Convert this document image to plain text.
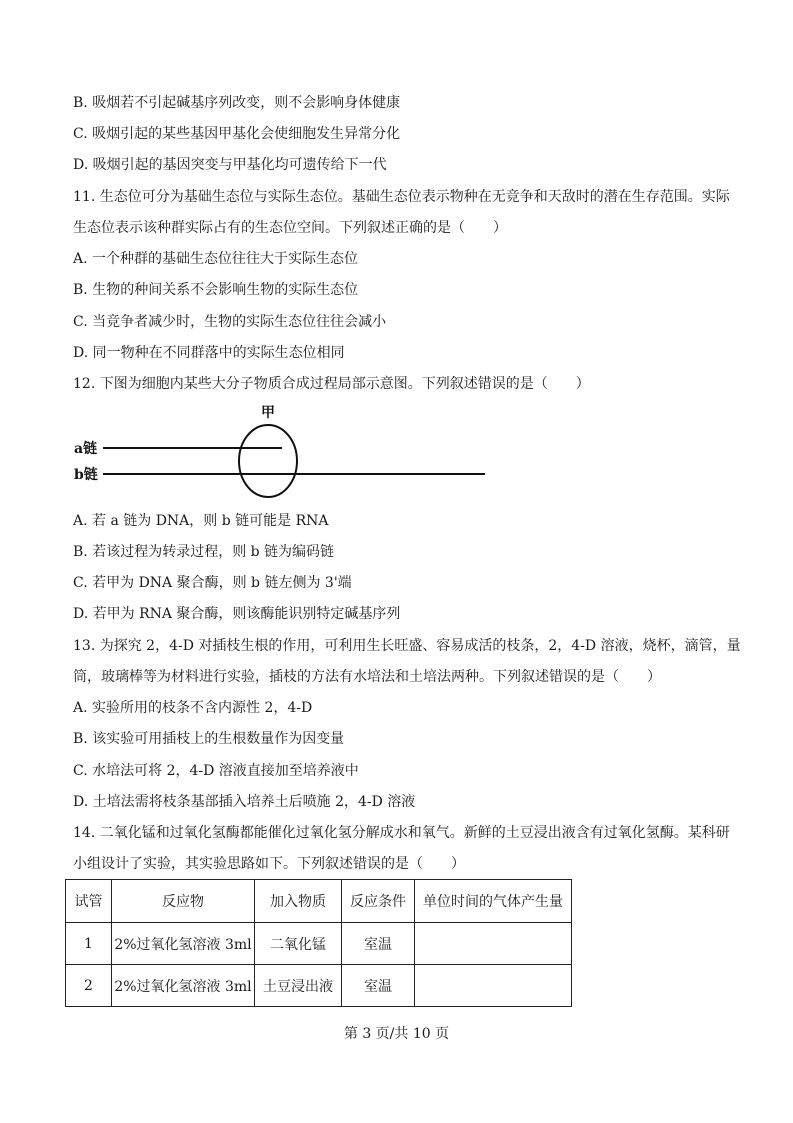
B. 吸烟若不引起碱基序列改变，则不会影响身体健康
C. 吸烟引起的某些基因甲基化会使细胞发生异常分化
D. 吸烟引起的基因突变与甲基化均可遗传给下一代
11. 生态位可分为基础生态位与实际生态位。基础生态位表示物种在无竞争和天敌时的潜在生存范围。实际
生态位表示该种群实际占有的生态位空间。下列叙述正确的是（　　）
A. 一个种群的基础生态位往往大于实际生态位
B. 生物的种间关系不会影响生物的实际生态位
C. 当竞争者减少时，生物的实际生态位往往会减小
D. 同一物种在不同群落中的实际生态位相同
12. 下图为细胞内某些大分子物质合成过程局部示意图。下列叙述错误的是（　　）
甲
a链
b链
A. 若 a 链为 DNA，则 b 链可能是 RNA
B. 若该过程为转录过程，则 b 链为编码链
C. 若甲为 DNA 聚合酶，则 b 链左侧为 3'端
D. 若甲为 RNA 聚合酶，则该酶能识别特定碱基序列
13. 为探究 2，4-D 对插枝生根的作用，可利用生长旺盛、容易成活的枝条，2，4-D 溶液，烧杯，滴管，量
筒，玻璃棒等为材料进行实验，插枝的方法有水培法和土培法两种。下列叙述错误的是（　　）
A. 实验所用的枝条不含内源性 2，4-D
B. 该实验可用插枝上的生根数量作为因变量
C. 水培法可将 2，4-D 溶液直接加至培养液中
D. 土培法需将枝条基部插入培养土后喷施 2，4-D 溶液
14. 二氧化锰和过氧化氢酶都能催化过氧化氢分解成水和氧气。新鲜的土豆浸出液含有过氧化氢酶。某科研
小组设计了实验，其实验思路如下。下列叙述错误的是（　　）
试管	反应物	加入物质	反应条件	单位时间的气体产生量
1	2%过氧化氢溶液 3ml	二氧化锰	室温	
2	2%过氧化氢溶液 3ml	土豆浸出液	室温	
第 3 页/共 10 页
